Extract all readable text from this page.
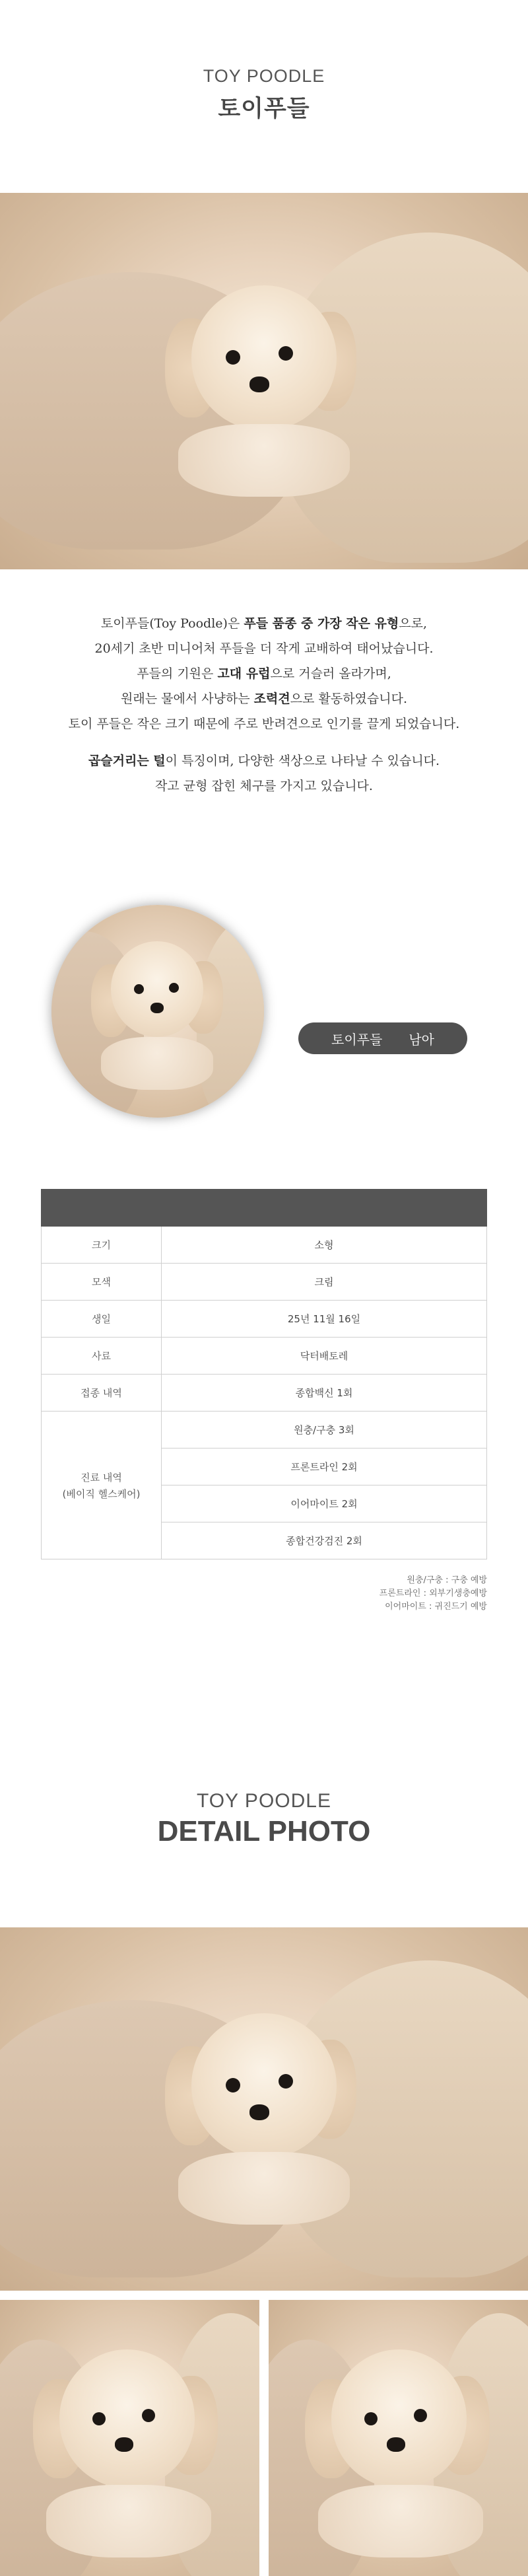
TOY POODLE
토이푸들

토이푸들(Toy Poodle)은 푸들 품종 중 가장 작은 유형으로,

20세기 초반 미니어처 푸들을 더 작게 교배하여 태어났습니다.

푸들의 기원은 고대 유럽으로 거슬러 올라가며,

원래는 물에서 사냥하는 조력견으로 활동하였습니다.

토이 푸들은 작은 크기 때문에 주로 반려견으로 인기를 끌게 되었습니다.

곱슬거리는 털이 특징이며, 다양한 색상으로 나타날 수 있습니다.

작고 균형 잡힌 체구를 가지고 있습니다.

토이푸들 남아

크기	소형
모색	크림
생일	25년 11월 16일
사료	닥터배토레
접종 내역	종합백신 1회

진료 내역
(베이직 헬스케어)	원충/구충 3회
	프론트라인 2회
	이어마이트 2회
	종합건강검진 2회
원충/구충 : 구충 예방
프론트라인 : 외부기생충예방
이어마이트 : 귀진드기 예방
TOY POODLE
DETAIL PHOTO
